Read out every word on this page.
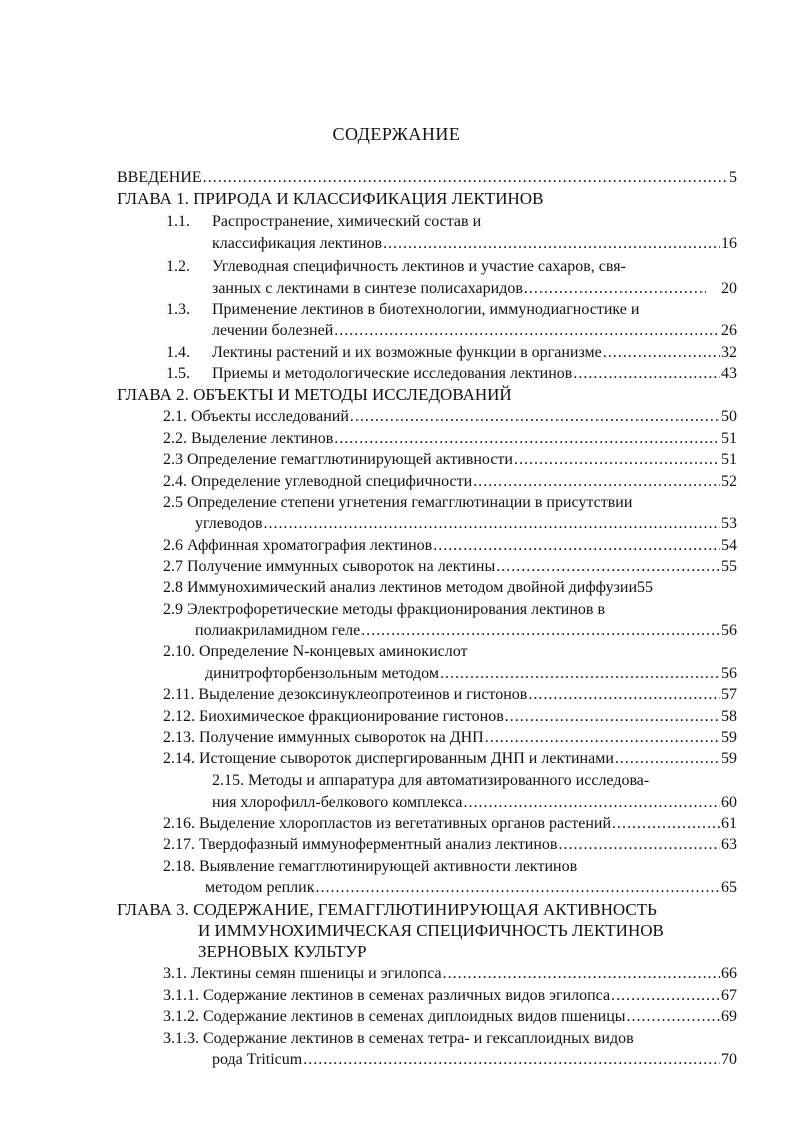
СОДЕРЖАНИЕ
ВВЕДЕНИЕ .....	5
ГЛАВА 1. ПРИРОДА И КЛАССИФИКАЦИЯ ЛЕКТИНОВ
1.1. Распространение, химический состав и
классификация лектинов .....	16
1.2. Углеводная специфичность лектинов и участие сахаров, свя-
занных с лектинами в синтезе полисахаридов .....	20
1.3. Применение лектинов в биотехнологии, иммунодиагностике и
лечении болезней .....	26
1.4. Лектины растений и их возможные функции в организме .....	32
1.5. Приемы и методологические исследования лектинов .....	43
ГЛАВА 2. ОБЪЕКТЫ И МЕТОДЫ ИССЛЕДОВАНИЙ
2.1. Объекты исследований .....	50
2.2. Выделение лектинов .....	51
2.3 Определение гемагглютинирующей активности .....	51
2.4. Определение углеводной специфичности .....	52
2.5 Определение степени угнетения гемагглютинации в присутствии
углеводов .....	53
2.6 Аффинная хроматография лектинов .....	54
2.7 Получение иммунных сывороток на лектины .....	55
2.8 Иммунохимический анализ лектинов методом двойной диффузии 55
2.9 Электрофоретические методы фракционирования лектинов в
полиакриламидном геле .....	56
2.10. Определение N-концевых аминокислот
динитрофторбензольным методом .....	56
2.11. Выделение дезоксинуклеопротеинов и гистонов .....	57
2.12. Биохимическое фракционирование гистонов .....	58
2.13. Получение иммунных сывороток на ДНП .....	59
2.14. Истощение сывороток диспергированным ДНП и лектинами .....	59
2.15. Методы и аппаратура для автоматизированного исследова-
ния хлорофилл-белкового комплекса .....	60
2.16. Выделение хлоропластов из вегетативных органов растений .....	61
2.17. Твердофазный иммуноферментный анализ лектинов .....	63
2.18. Выявление гемагглютинирующей активности лектинов
методом реплик .....	65
ГЛАВА 3. СОДЕРЖАНИЕ, ГЕМАГГЛЮТИНИРУЮЩАЯ АКТИВНОСТЬ
И ИММУНОХИМИЧЕСКАЯ СПЕЦИФИЧНОСТЬ ЛЕКТИНОВ
ЗЕРНОВЫХ КУЛЬТУР
3.1. Лектины семян пшеницы и эгилопса .....	66
3.1.1. Содержание лектинов в семенах различных видов эгилопса .....	67
3.1.2. Содержание лектинов в семенах диплоидных видов пшеницы .....	69
3.1.3. Содержание лектинов в семенах тетра- и гексаплоидных видов
рода Triticum .....	70
